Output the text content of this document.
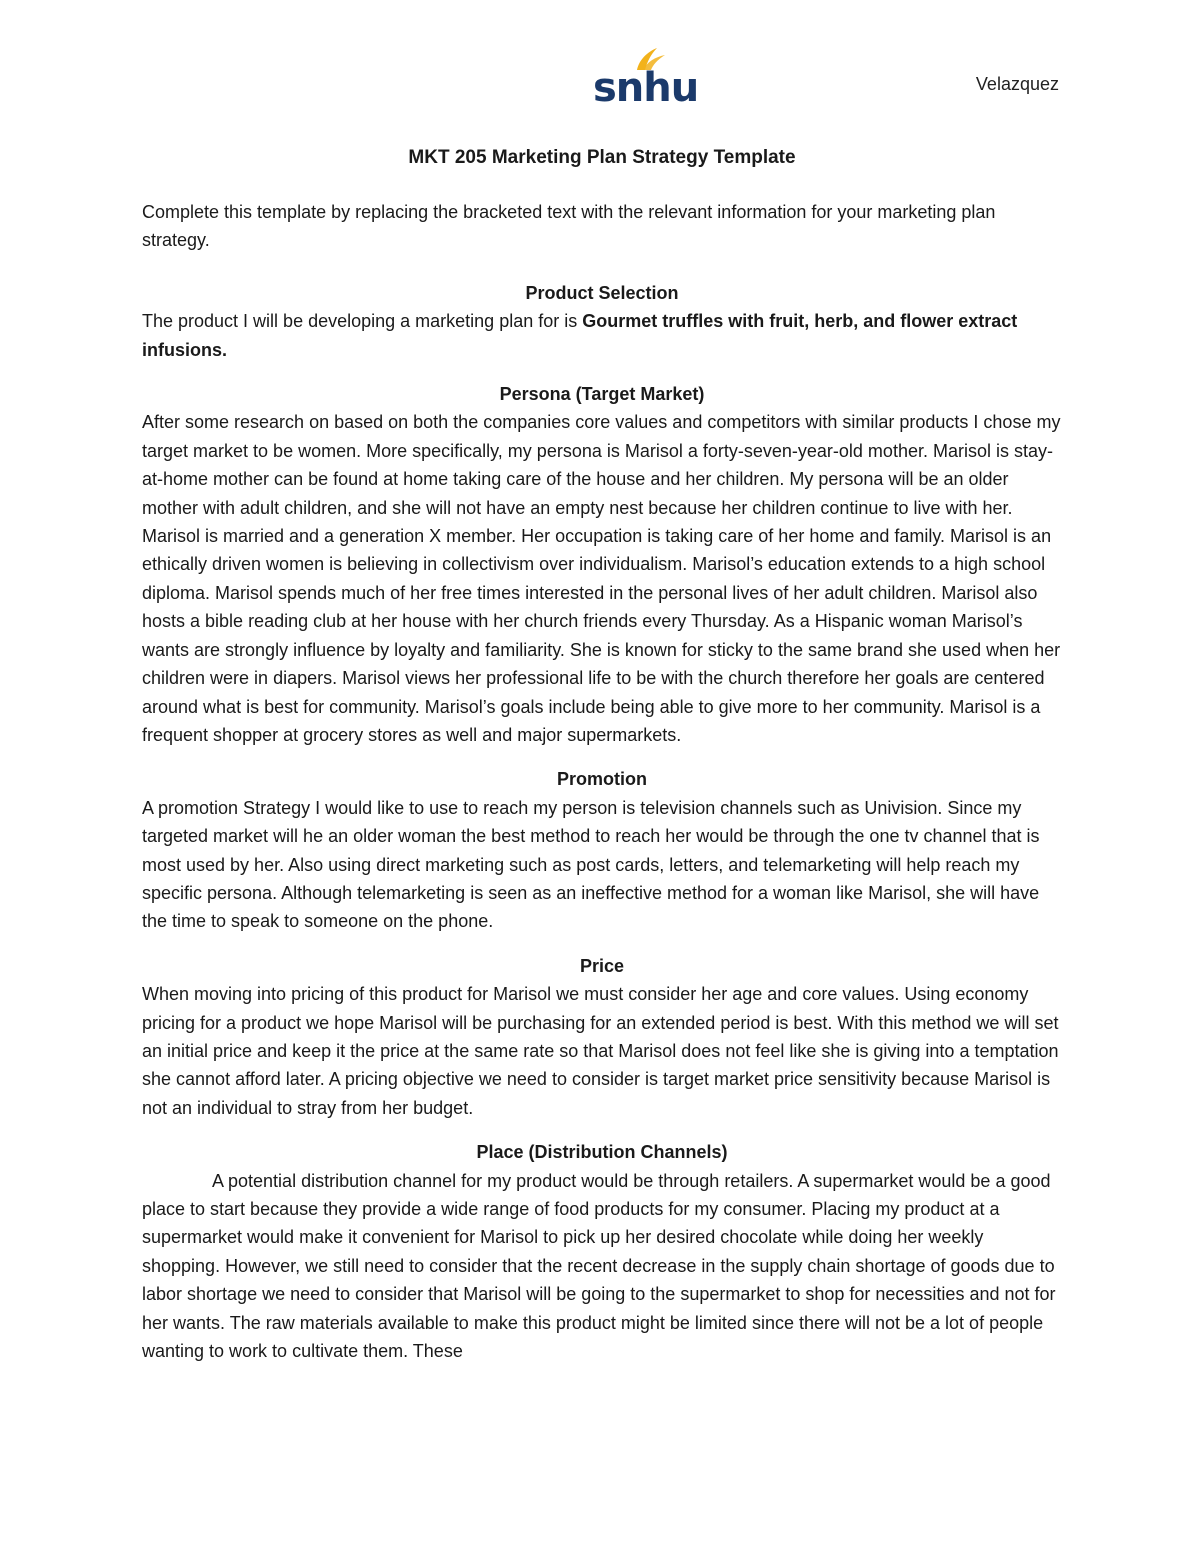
snhu	Velazquez
MKT 205 Marketing Plan Strategy Template

Complete this template by replacing the bracketed text with the relevant information for your marketing plan strategy.

Product Selection

The product I will be developing a marketing plan for is Gourmet truffles with fruit, herb, and flower extract infusions.

Persona (Target Market)

After some research on based on both the companies core values and competitors with similar products I chose my target market to be women. More specifically, my persona is Marisol a forty-seven-year-old mother. Marisol is stay-at-home mother can be found at home taking care of the house and her children. My persona will be an older mother with adult children, and she will not have an empty nest because her children continue to live with her. Marisol is married and a generation X member. Her occupation is taking care of her home and family. Marisol is an ethically driven women is believing in collectivism over individualism. Marisol’s education extends to a high school diploma. Marisol spends much of her free times interested in the personal lives of her adult children. Marisol also hosts a bible reading club at her house with her church friends every Thursday. As a Hispanic woman Marisol’s wants are strongly influence by loyalty and familiarity. She is known for sticky to the same brand she used when her children were in diapers. Marisol views her professional life to be with the church therefore her goals are centered around what is best for community. Marisol’s goals include being able to give more to her community. Marisol is a frequent shopper at grocery stores as well and major supermarkets.

Promotion

A promotion Strategy I would like to use to reach my person is television channels such as Univision. Since my targeted market will he an older woman the best method to reach her would be through the one tv channel that is most used by her. Also using direct marketing such as post cards, letters, and telemarketing will help reach my specific persona. Although telemarketing is seen as an ineffective method for a woman like Marisol, she will have the time to speak to someone on the phone.

Price

When moving into pricing of this product for Marisol we must consider her age and core values. Using economy pricing for a product we hope Marisol will be purchasing for an extended period is best. With this method we will set an initial price and keep it the price at the same rate so that Marisol does not feel like she is giving into a temptation she cannot afford later. A pricing objective we need to consider is target market price sensitivity because Marisol is not an individual to stray from her budget.

Place (Distribution Channels)

A potential distribution channel for my product would be through retailers. A supermarket would be a good place to start because they provide a wide range of food products for my consumer. Placing my product at a supermarket would make it convenient for Marisol to pick up her desired chocolate while doing her weekly shopping. However, we still need to consider that the recent decrease in the supply chain shortage of goods due to labor shortage we need to consider that Marisol will be going to the supermarket to shop for necessities and not for her wants. The raw materials available to make this product might be limited since there will not be a lot of people wanting to work to cultivate them. These
